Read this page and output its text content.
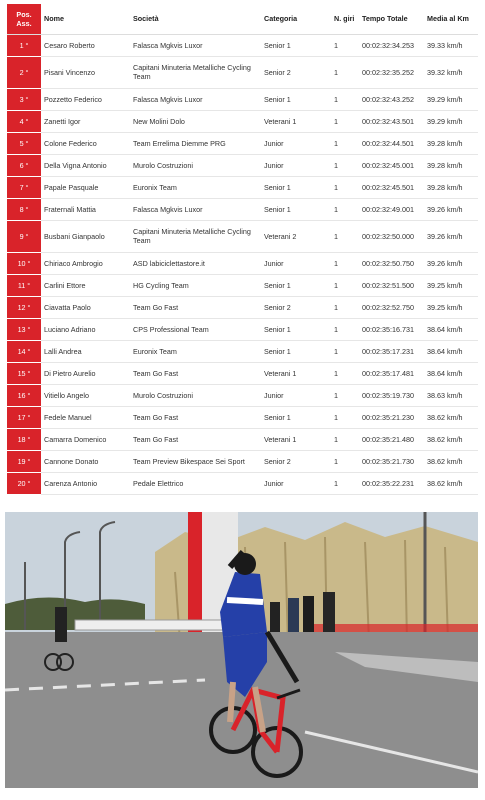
Pos. Ass.	Nome	Società	Categoria	N. giri	Tempo Totale	Media al Km
1 °	Cesaro Roberto	Falasca Mgkvis Luxor	Senior 1	1	00:02:32:34.253	39.33 km/h
2 °	Pisani Vincenzo	Capitani Minuteria Metalliche Cycling Team	Senior 2	1	00:02:32:35.252	39.32 km/h
3 °	Pozzetto Federico	Falasca Mgkvis Luxor	Senior 1	1	00:02:32:43.252	39.29 km/h
4 °	Zanetti Igor	New Molini Dolo	Veterani 1	1	00:02:32:43.501	39.29 km/h
5 °	Colone Federico	Team Errelima Diemme PRG	Junior	1	00:02:32:44.501	39.28 km/h
6 °	Della Vigna Antonio	Murolo Costruzioni	Junior	1	00:02:32:45.001	39.28 km/h
7 °	Papale Pasquale	Euronix Team	Senior 1	1	00:02:32:45.501	39.28 km/h
8 °	Fraternali Mattia	Falasca Mgkvis Luxor	Senior 1	1	00:02:32:49.001	39.26 km/h
9 °	Busbani Gianpaolo	Capitani Minuteria Metalliche Cycling Team	Veterani 2	1	00:02:32:50.000	39.26 km/h
10 °	Chiriaco Ambrogio	ASD labiciclettastore.it	Junior	1	00:02:32:50.750	39.26 km/h
11 °	Carlini Ettore	HG Cycling Team	Senior 1	1	00:02:32:51.500	39.25 km/h
12 °	Ciavatta Paolo	Team Go Fast	Senior 2	1	00:02:32:52.750	39.25 km/h
13 °	Luciano Adriano	CPS Professional Team	Senior 1	1	00:02:35:16.731	38.64 km/h
14 °	Lalli Andrea	Euronix Team	Senior 1	1	00:02:35:17.231	38.64 km/h
15 °	Di Pietro Aurelio	Team Go Fast	Veterani 1	1	00:02:35:17.481	38.64 km/h
16 °	Vitiello Angelo	Murolo Costruzioni	Junior	1	00:02:35:19.730	38.63 km/h
17 °	Fedele Manuel	Team Go Fast	Senior 1	1	00:02:35:21.230	38.62 km/h
18 °	Camarra Domenico	Team Go Fast	Veterani 1	1	00:02:35:21.480	38.62 km/h
19 °	Cannone Donato	Team Preview Bikespace Sei Sport	Senior 2	1	00:02:35:21.730	38.62 km/h
20 °	Carenza Antonio	Pedale Elettrico	Junior	1	00:02:35:22.231	38.62 km/h
